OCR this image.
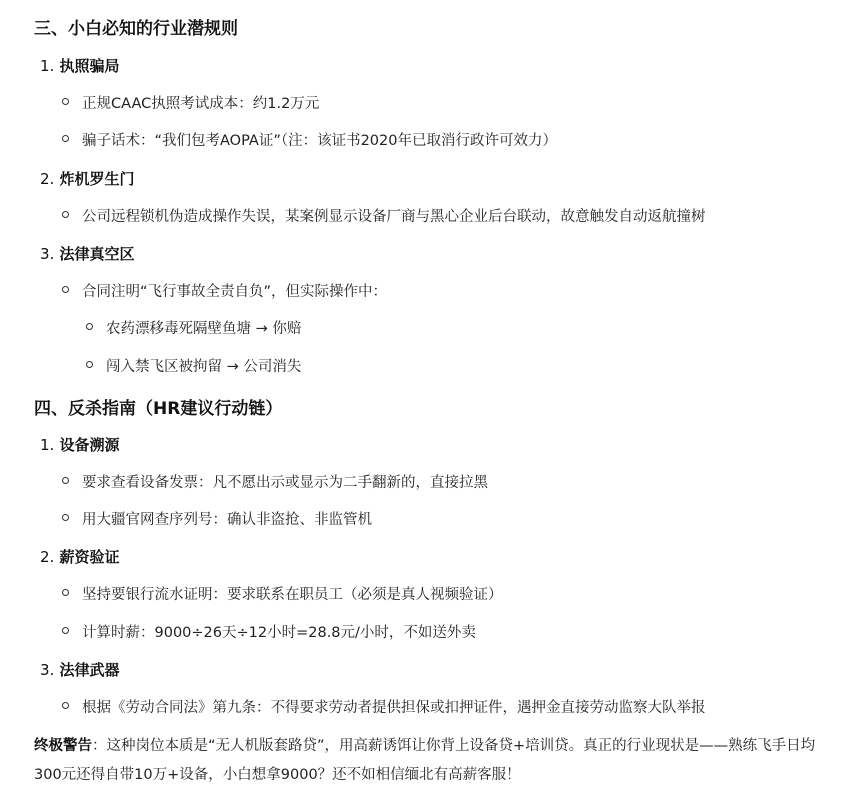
三、小白必知的行业潜规则
1. 执照骗局
正规CAAC执照考试成本：约1.2万元
骗子话术：“我们包考AOPA证”（注：该证书2020年已取消行政许可效力）
2. 炸机罗生门
公司远程锁机伪造成操作失误，某案例显示设备厂商与黑心企业后台联动，故意触发自动返航撞树
3. 法律真空区
合同注明“飞行事故全责自负”，但实际操作中：
农药漂移毒死隔壁鱼塘 → 你赔
闯入禁飞区被拘留 → 公司消失
四、反杀指南（HR建议行动链）
1. 设备溯源
要求查看设备发票：凡不愿出示或显示为二手翻新的，直接拉黑
用大疆官网查序列号：确认非盗抢、非监管机
2. 薪资验证
坚持要银行流水证明：要求联系在职员工（必须是真人视频验证）
计算时薪：9000÷26天÷12小时=28.8元/小时，不如送外卖
3. 法律武器
根据《劳动合同法》第九条：不得要求劳动者提供担保或扣押证件，遇押金直接劳动监察大队举报
终极警告：这种岗位本质是“无人机版套路贷”，用高薪诱饵让你背上设备贷+培训贷。真正的行业现状是——熟练飞手日均300元还得自带10万+设备，小白想拿9000？还不如相信缅北有高薪客服！
